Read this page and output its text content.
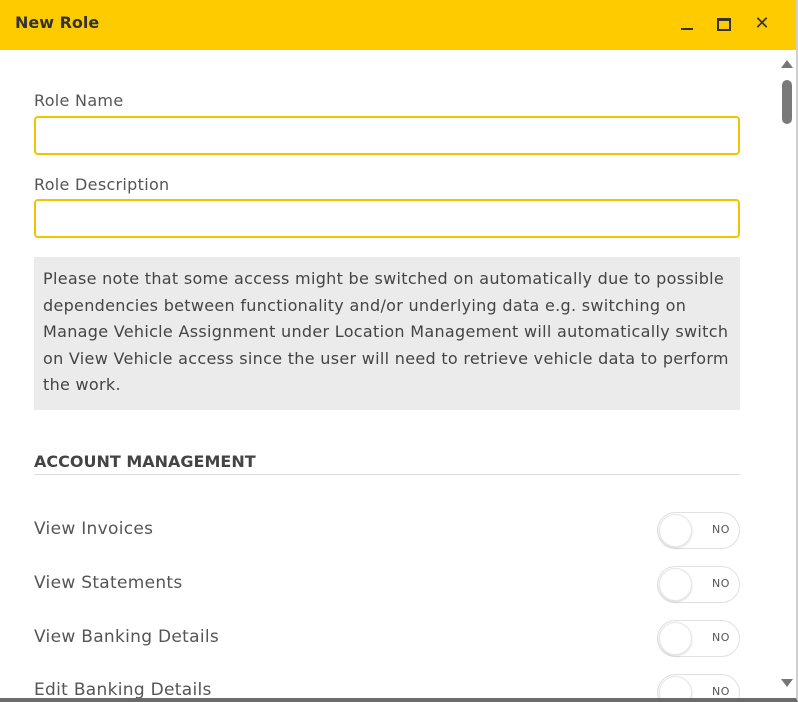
New Role	✕
Role Name
Role Description
Please note that some access might be switched on automatically due to possible dependencies between functionality and/or underlying data e.g. switching on Manage Vehicle Assignment under Location Management will automatically switch on View Vehicle access since the user will need to retrieve vehicle data to perform the work.
ACCOUNT MANAGEMENT
View Invoices	NO
View Statements	NO
View Banking Details	NO
Edit Banking Details	NO
